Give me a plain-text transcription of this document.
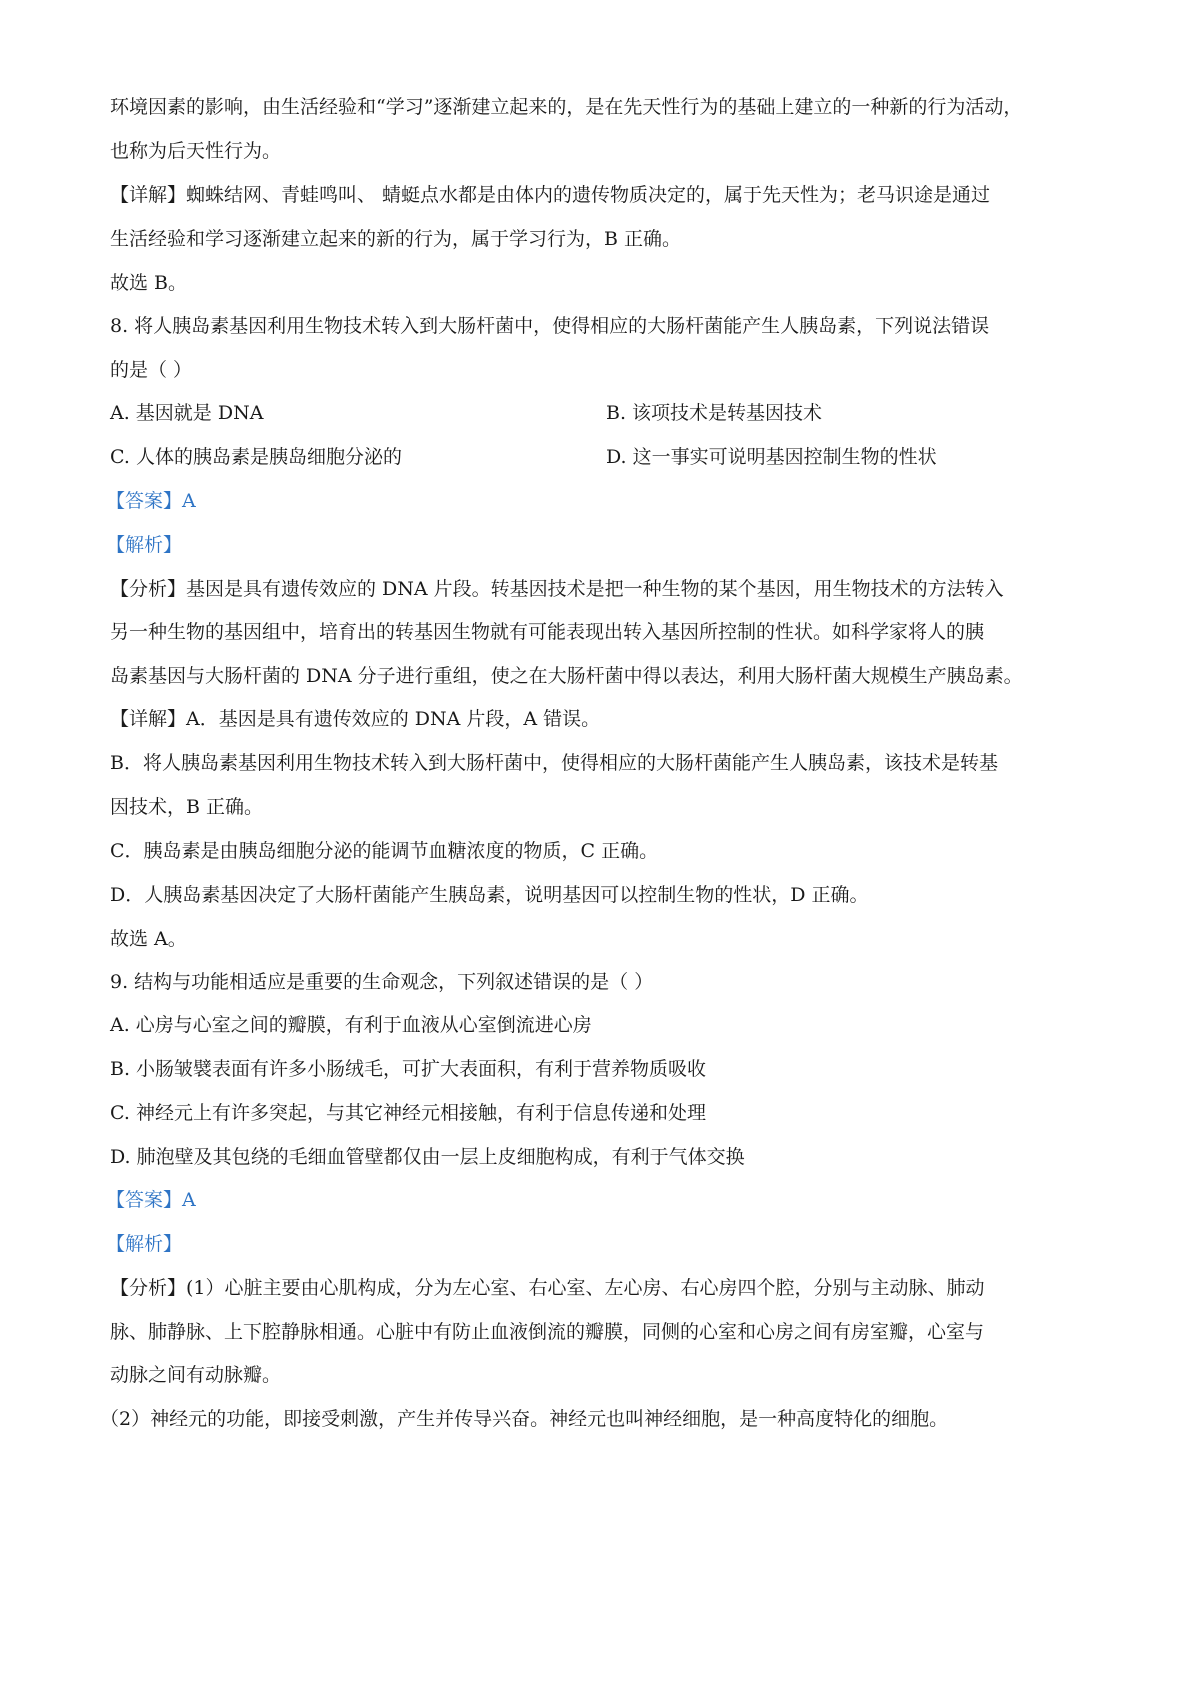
环境因素的影响，由生活经验和“学习”逐渐建立起来的，是在先天性行为的基础上建立的一种新的行为活动，
也称为后天性行为。
【详解】蜘蛛结网、青蛙鸣叫、 蜻蜓点水都是由体内的遗传物质决定的，属于先天性为；老马识途是通过
生活经验和学习逐渐建立起来的新的行为，属于学习行为，B 正确。
故选 B。
8. 将人胰岛素基因利用生物技术转入到大肠杆菌中，使得相应的大肠杆菌能产生人胰岛素，下列说法错误
的是（ ）
A. 基因就是 DNA	B. 该项技术是转基因技术
C. 人体的胰岛素是胰岛细胞分泌的	D. 这一事实可说明基因控制生物的性状
【答案】A
【解析】
【分析】基因是具有遗传效应的 DNA 片段。转基因技术是把一种生物的某个基因，用生物技术的方法转入
另一种生物的基因组中，培育出的转基因生物就有可能表现出转入基因所控制的性状。如科学家将人的胰
岛素基因与大肠杆菌的 DNA 分子进行重组，使之在大肠杆菌中得以表达，利用大肠杆菌大规模生产胰岛素。
【详解】A．基因是具有遗传效应的 DNA 片段，A 错误。
B．将人胰岛素基因利用生物技术转入到大肠杆菌中，使得相应的大肠杆菌能产生人胰岛素，该技术是转基
因技术，B 正确。
C．胰岛素是由胰岛细胞分泌的能调节血糖浓度的物质，C 正确。
D．人胰岛素基因决定了大肠杆菌能产生胰岛素，说明基因可以控制生物的性状，D 正确。
故选 A。
9. 结构与功能相适应是重要的生命观念，下列叙述错误的是（ ）
A. 心房与心室之间的瓣膜，有利于血液从心室倒流进心房
B. 小肠皱襞表面有许多小肠绒毛，可扩大表面积，有利于营养物质吸收
C. 神经元上有许多突起，与其它神经元相接触，有利于信息传递和处理
D. 肺泡壁及其包绕的毛细血管壁都仅由一层上皮细胞构成，有利于气体交换
【答案】A
【解析】
【分析】(1）心脏主要由心肌构成，分为左心室、右心室、左心房、右心房四个腔，分别与主动脉、肺动
脉、肺静脉、上下腔静脉相通。心脏中有防止血液倒流的瓣膜，同侧的心室和心房之间有房室瓣，心室与
动脉之间有动脉瓣。
（2）神经元的功能，即接受刺激，产生并传导兴奋。神经元也叫神经细胞，是一种高度特化的细胞。
